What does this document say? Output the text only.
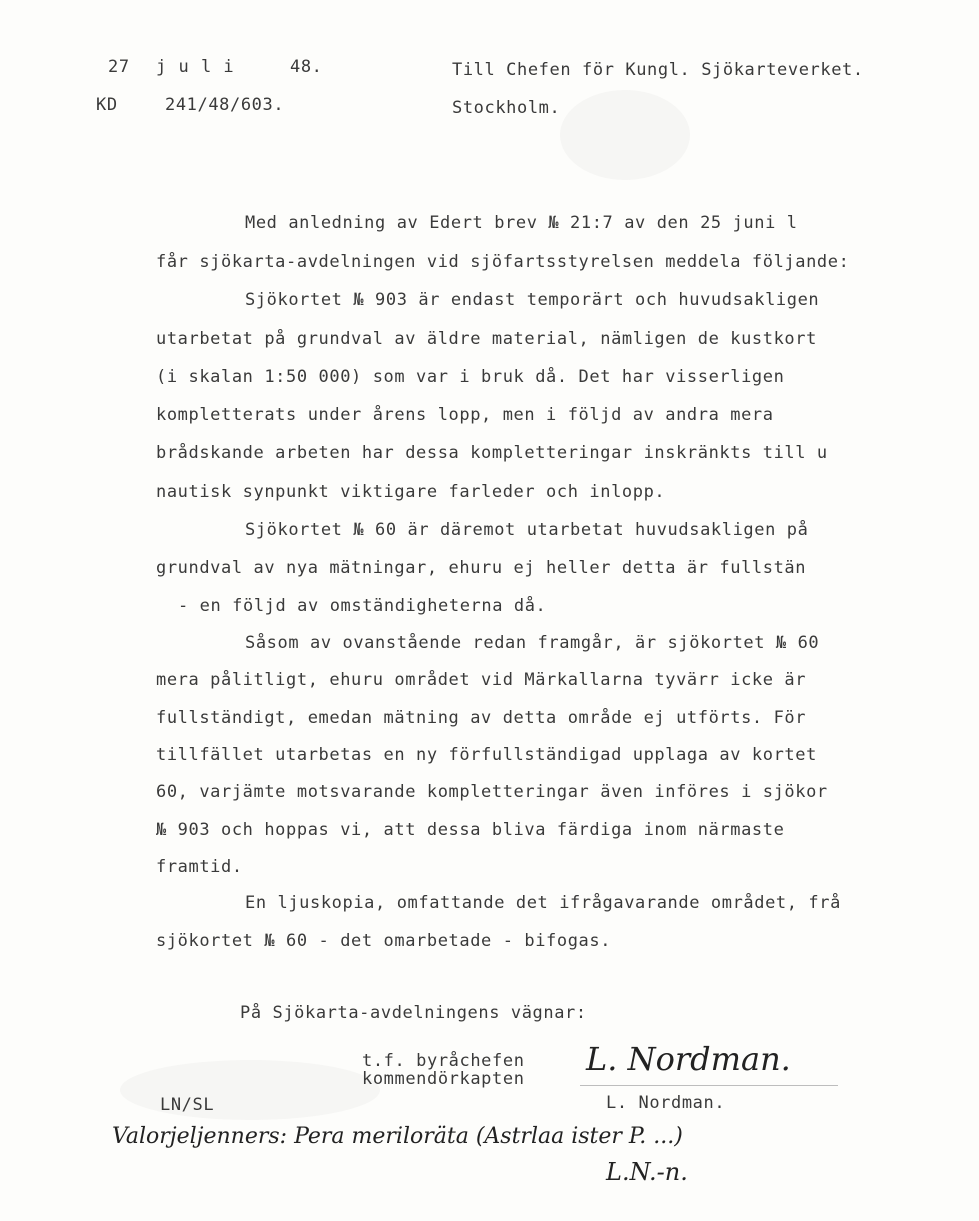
27 j u l i	48.
KD	241/48/603.
Till Chefen för Kungl. Sjökarteverket.
Stockholm.
Med anledning av Edert brev № 21:7 av den 25 juni l
får sjökarta-avdelningen vid sjöfartsstyrelsen meddela följande:
Sjökortet № 903 är endast temporärt och huvudsakligen
utarbetat på grundval av äldre material, nämligen de kustkort
(i skalan 1:50 000) som var i bruk då. Det har visserligen
kompletterats under årens lopp, men i följd av andra mera
brådskande arbeten har dessa kompletteringar inskränkts till u
nautisk synpunkt viktigare farleder och inlopp.
Sjökortet № 60 är däremot utarbetat huvudsakligen på
grundval av nya mätningar, ehuru ej heller detta är fullstän
- en följd av omständigheterna då.
Såsom av ovanstående redan framgår, är sjökortet № 60
mera pålitligt, ehuru området vid Märkallarna tyvärr icke är
fullständigt, emedan mätning av detta område ej utförts. För
tillfället utarbetas en ny förfullständigad upplaga av kortet
60, varjämte motsvarande kompletteringar även införes i sjökor
№ 903 och hoppas vi, att dessa bliva färdiga inom närmaste
framtid.
En ljuskopia, omfattande det ifrågavarande området, frå
sjökortet № 60 - det omarbetade - bifogas.
På Sjökarta-avdelningens vägnar:
t.f. byråchefen
kommendörkapten
L. Nordman.
L. Nordman.
LN/SL
Valorjeljenners: Pera meriloräta (Astrlaa ister P. ...)
L.N.-n.
